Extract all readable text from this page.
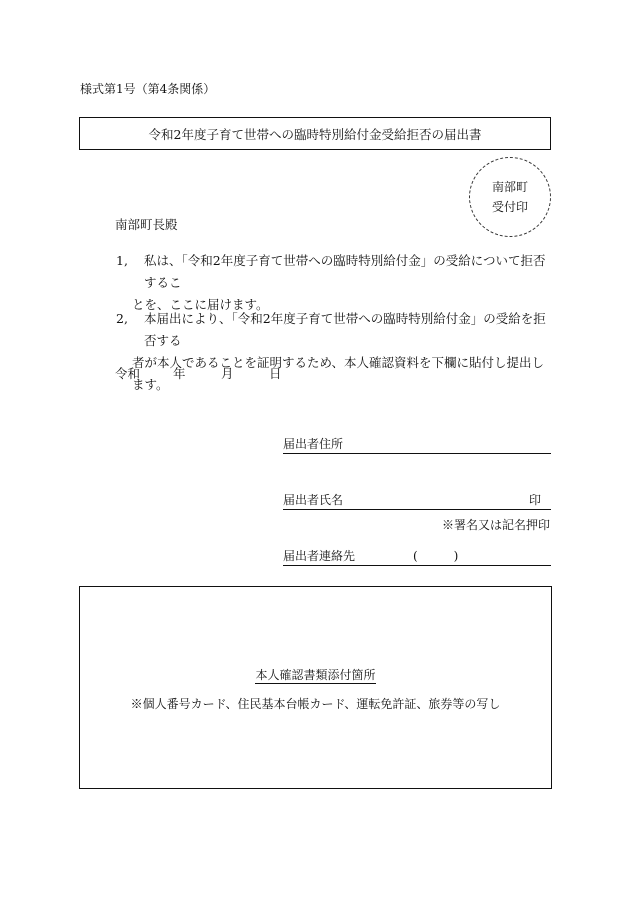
様式第1号（第4条関係）
令和2年度子育て世帯への臨時特別給付金受給拒否の届出書
南部町
受付印
南部町長殿
1, 私は、「令和2年度子育て世帯への臨時特別給付金」の受給について拒否するこ
とを、ここに届けます。
2, 本届出により、「令和2年度子育て世帯への臨時特別給付金」の受給を拒否する
者が本人であることを証明するため、本人確認資料を下欄に貼付し提出します。
令和	年	月	日
届出者住所
届出者氏名	印
※署名又は記名押印
届出者連絡先	(　　　)
本人確認書類添付箇所
※個人番号カード、住民基本台帳カード、運転免許証、旅券等の写し
